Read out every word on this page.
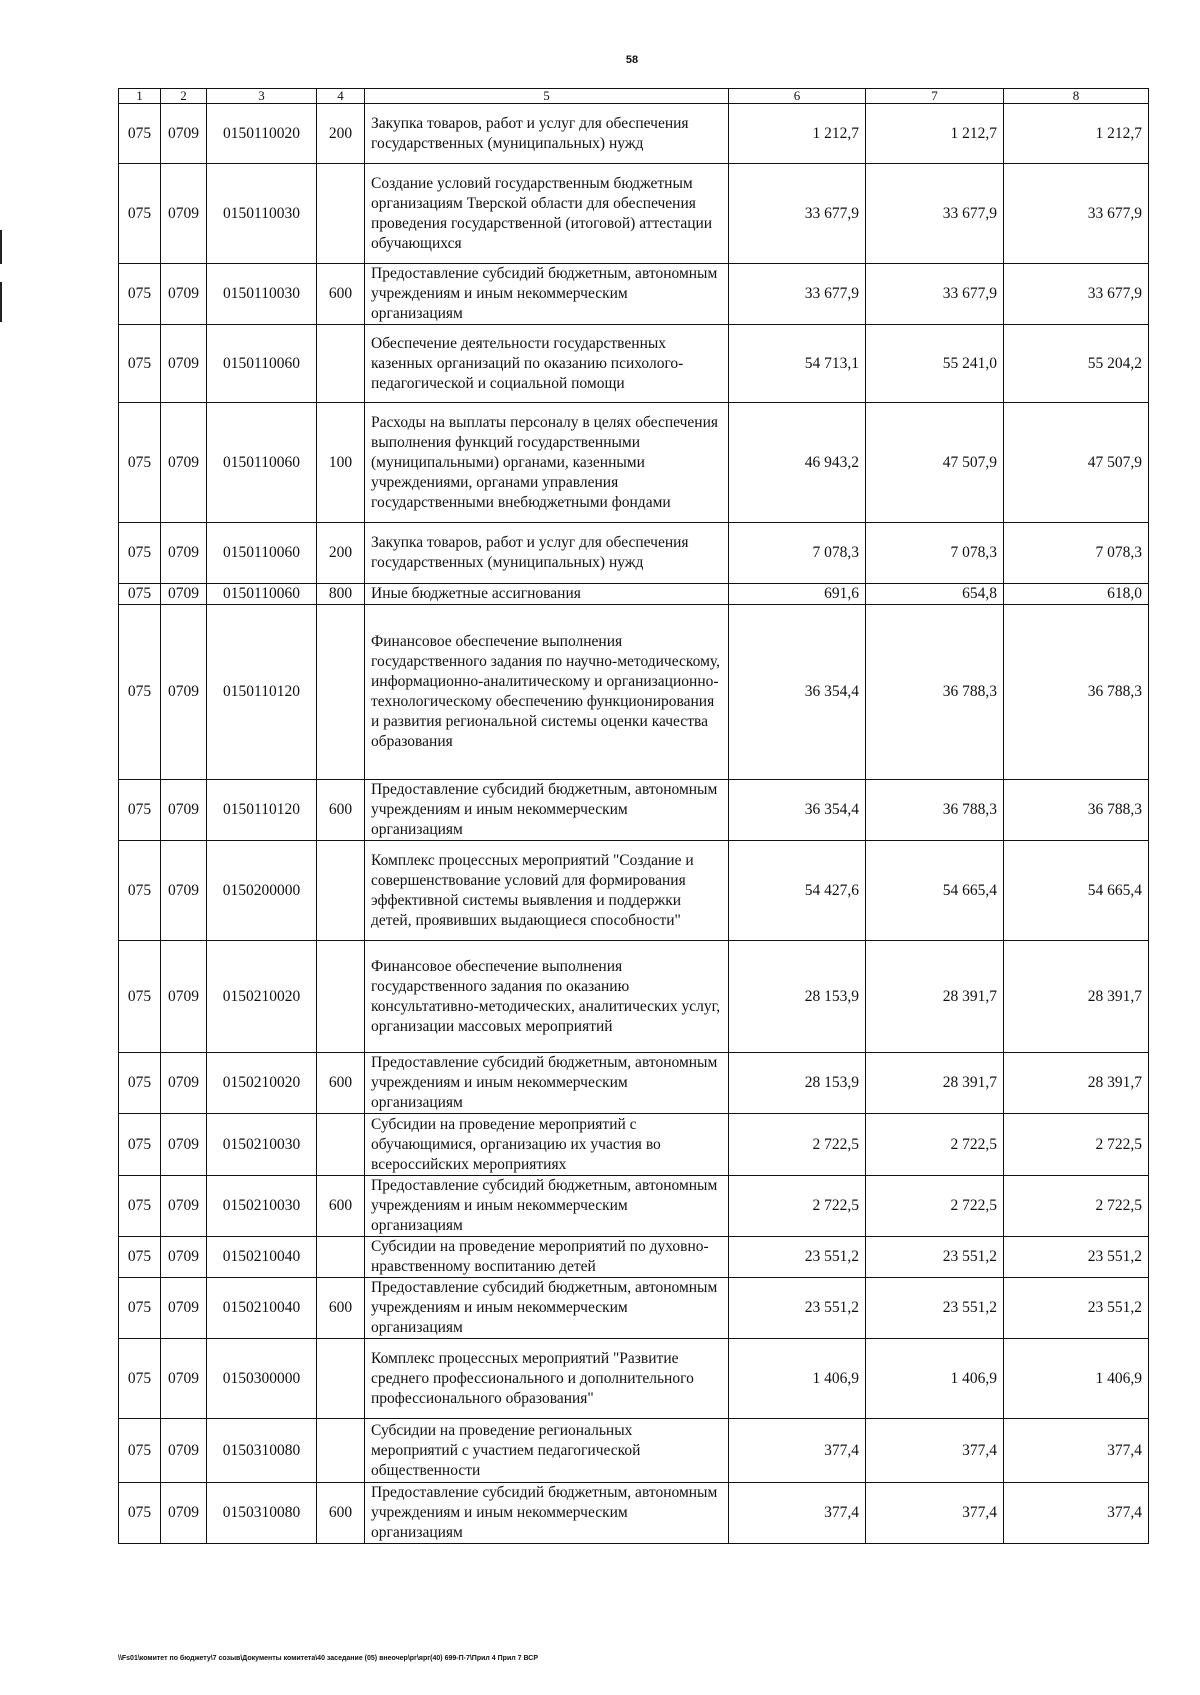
58
1	2	3	4	5	6	7	8
075	0709	0150110020	200	Закупка товаров, работ и услуг для обеспечения государственных (муниципальных) нужд	1 212,7	1 212,7	1 212,7
075	0709	0150110030		Создание условий государственным бюджетным организациям Тверской области для обеспечения проведения государственной (итоговой) аттестации обучающихся	33 677,9	33 677,9	33 677,9
075	0709	0150110030	600	Предоставление субсидий бюджетным, автономным учреждениям и иным некоммерческим организациям	33 677,9	33 677,9	33 677,9
075	0709	0150110060		Обеспечение деятельности государственных казенных организаций по оказанию психолого-педагогической и социальной помощи	54 713,1	55 241,0	55 204,2
075	0709	0150110060	100	Расходы на выплаты персоналу в целях обеспечения выполнения функций государственными (муниципальными) органами, казенными учреждениями, органами управления государственными внебюджетными фондами	46 943,2	47 507,9	47 507,9
075	0709	0150110060	200	Закупка товаров, работ и услуг для обеспечения государственных (муниципальных) нужд	7 078,3	7 078,3	7 078,3
075	0709	0150110060	800	Иные бюджетные ассигнования	691,6	654,8	618,0
075	0709	0150110120		Финансовое обеспечение выполнения государственного задания по научно-методическому, информационно-аналитическому и организационно-технологическому обеспечению функционирования и развития региональной системы оценки качества образования	36 354,4	36 788,3	36 788,3
075	0709	0150110120	600	Предоставление субсидий бюджетным, автономным учреждениям и иным некоммерческим организациям	36 354,4	36 788,3	36 788,3
075	0709	0150200000		Комплекс процессных мероприятий "Создание и совершенствование условий для формирования эффективной системы выявления и поддержки детей, проявивших выдающиеся способности"	54 427,6	54 665,4	54 665,4
075	0709	0150210020		Финансовое обеспечение выполнения государственного задания по оказанию консультативно-методических, аналитических услуг, организации массовых мероприятий	28 153,9	28 391,7	28 391,7
075	0709	0150210020	600	Предоставление субсидий бюджетным, автономным учреждениям и иным некоммерческим организациям	28 153,9	28 391,7	28 391,7
075	0709	0150210030		Субсидии на проведение мероприятий с обучающимися, организацию их участия во всероссийских мероприятиях	2 722,5	2 722,5	2 722,5
075	0709	0150210030	600	Предоставление субсидий бюджетным, автономным учреждениям и иным некоммерческим организациям	2 722,5	2 722,5	2 722,5
075	0709	0150210040		Субсидии на проведение мероприятий по духовно-нравственному воспитанию детей	23 551,2	23 551,2	23 551,2
075	0709	0150210040	600	Предоставление субсидий бюджетным, автономным учреждениям и иным некоммерческим организациям	23 551,2	23 551,2	23 551,2
075	0709	0150300000		Комплекс процессных мероприятий "Развитие среднего профессионального и дополнительного профессионального образования"	1 406,9	1 406,9	1 406,9
075	0709	0150310080		Субсидии на проведение региональных мероприятий с участием педагогической общественности	377,4	377,4	377,4
075	0709	0150310080	600	Предоставление субсидий бюджетным, автономным учреждениям и иным некоммерческим организациям	377,4	377,4	377,4
\\Fs01\комитет по бюджету\7 созыв\Документы комитета\40 заседание (05) внеочер\рг\ярг(40) 699-П-7\Прил 4 Прил 7 ВСР
